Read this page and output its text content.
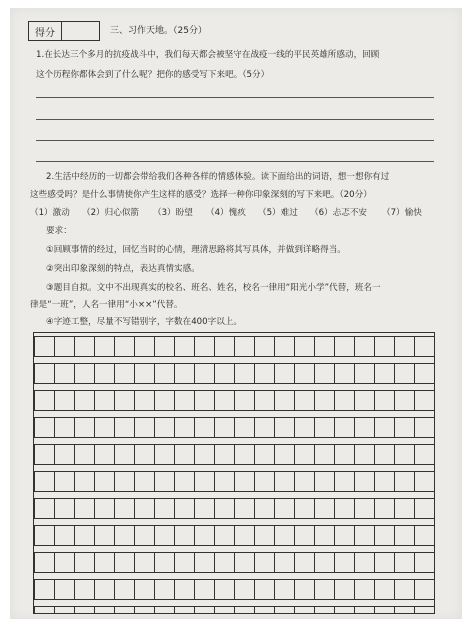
得分	三、习作天地。（25分）
1.在长达三个多月的抗疫战斗中，我们每天都会被坚守在战疫一线的平民英雄所感动，回顾
这个历程你都体会到了什么呢？把你的感受写下来吧。（5分）
2.生活中经历的一切都会带给我们各种各样的情感体验。读下面给出的词语，想一想你有过
这些感受吗？是什么事情使你产生这样的感受？选择一种你印象深刻的写下来吧。（20分）
（1）激动 （2）归心似箭 （3）盼望 （4）愧疚 （5）难过 （6）忐忑不安 （7）愉快
要求：
①回顾事情的经过，回忆当时的心情，理清思路将其写具体，并做到详略得当。
②突出印象深刻的特点，表达真情实感。
③题目自拟。文中不出现真实的校名、班名、姓名，校名一律用“阳光小学”代替，班名一
律是“一班”，人名一律用“小××”代替。
④字迹工整，尽量不写错别字，字数在400字以上。
